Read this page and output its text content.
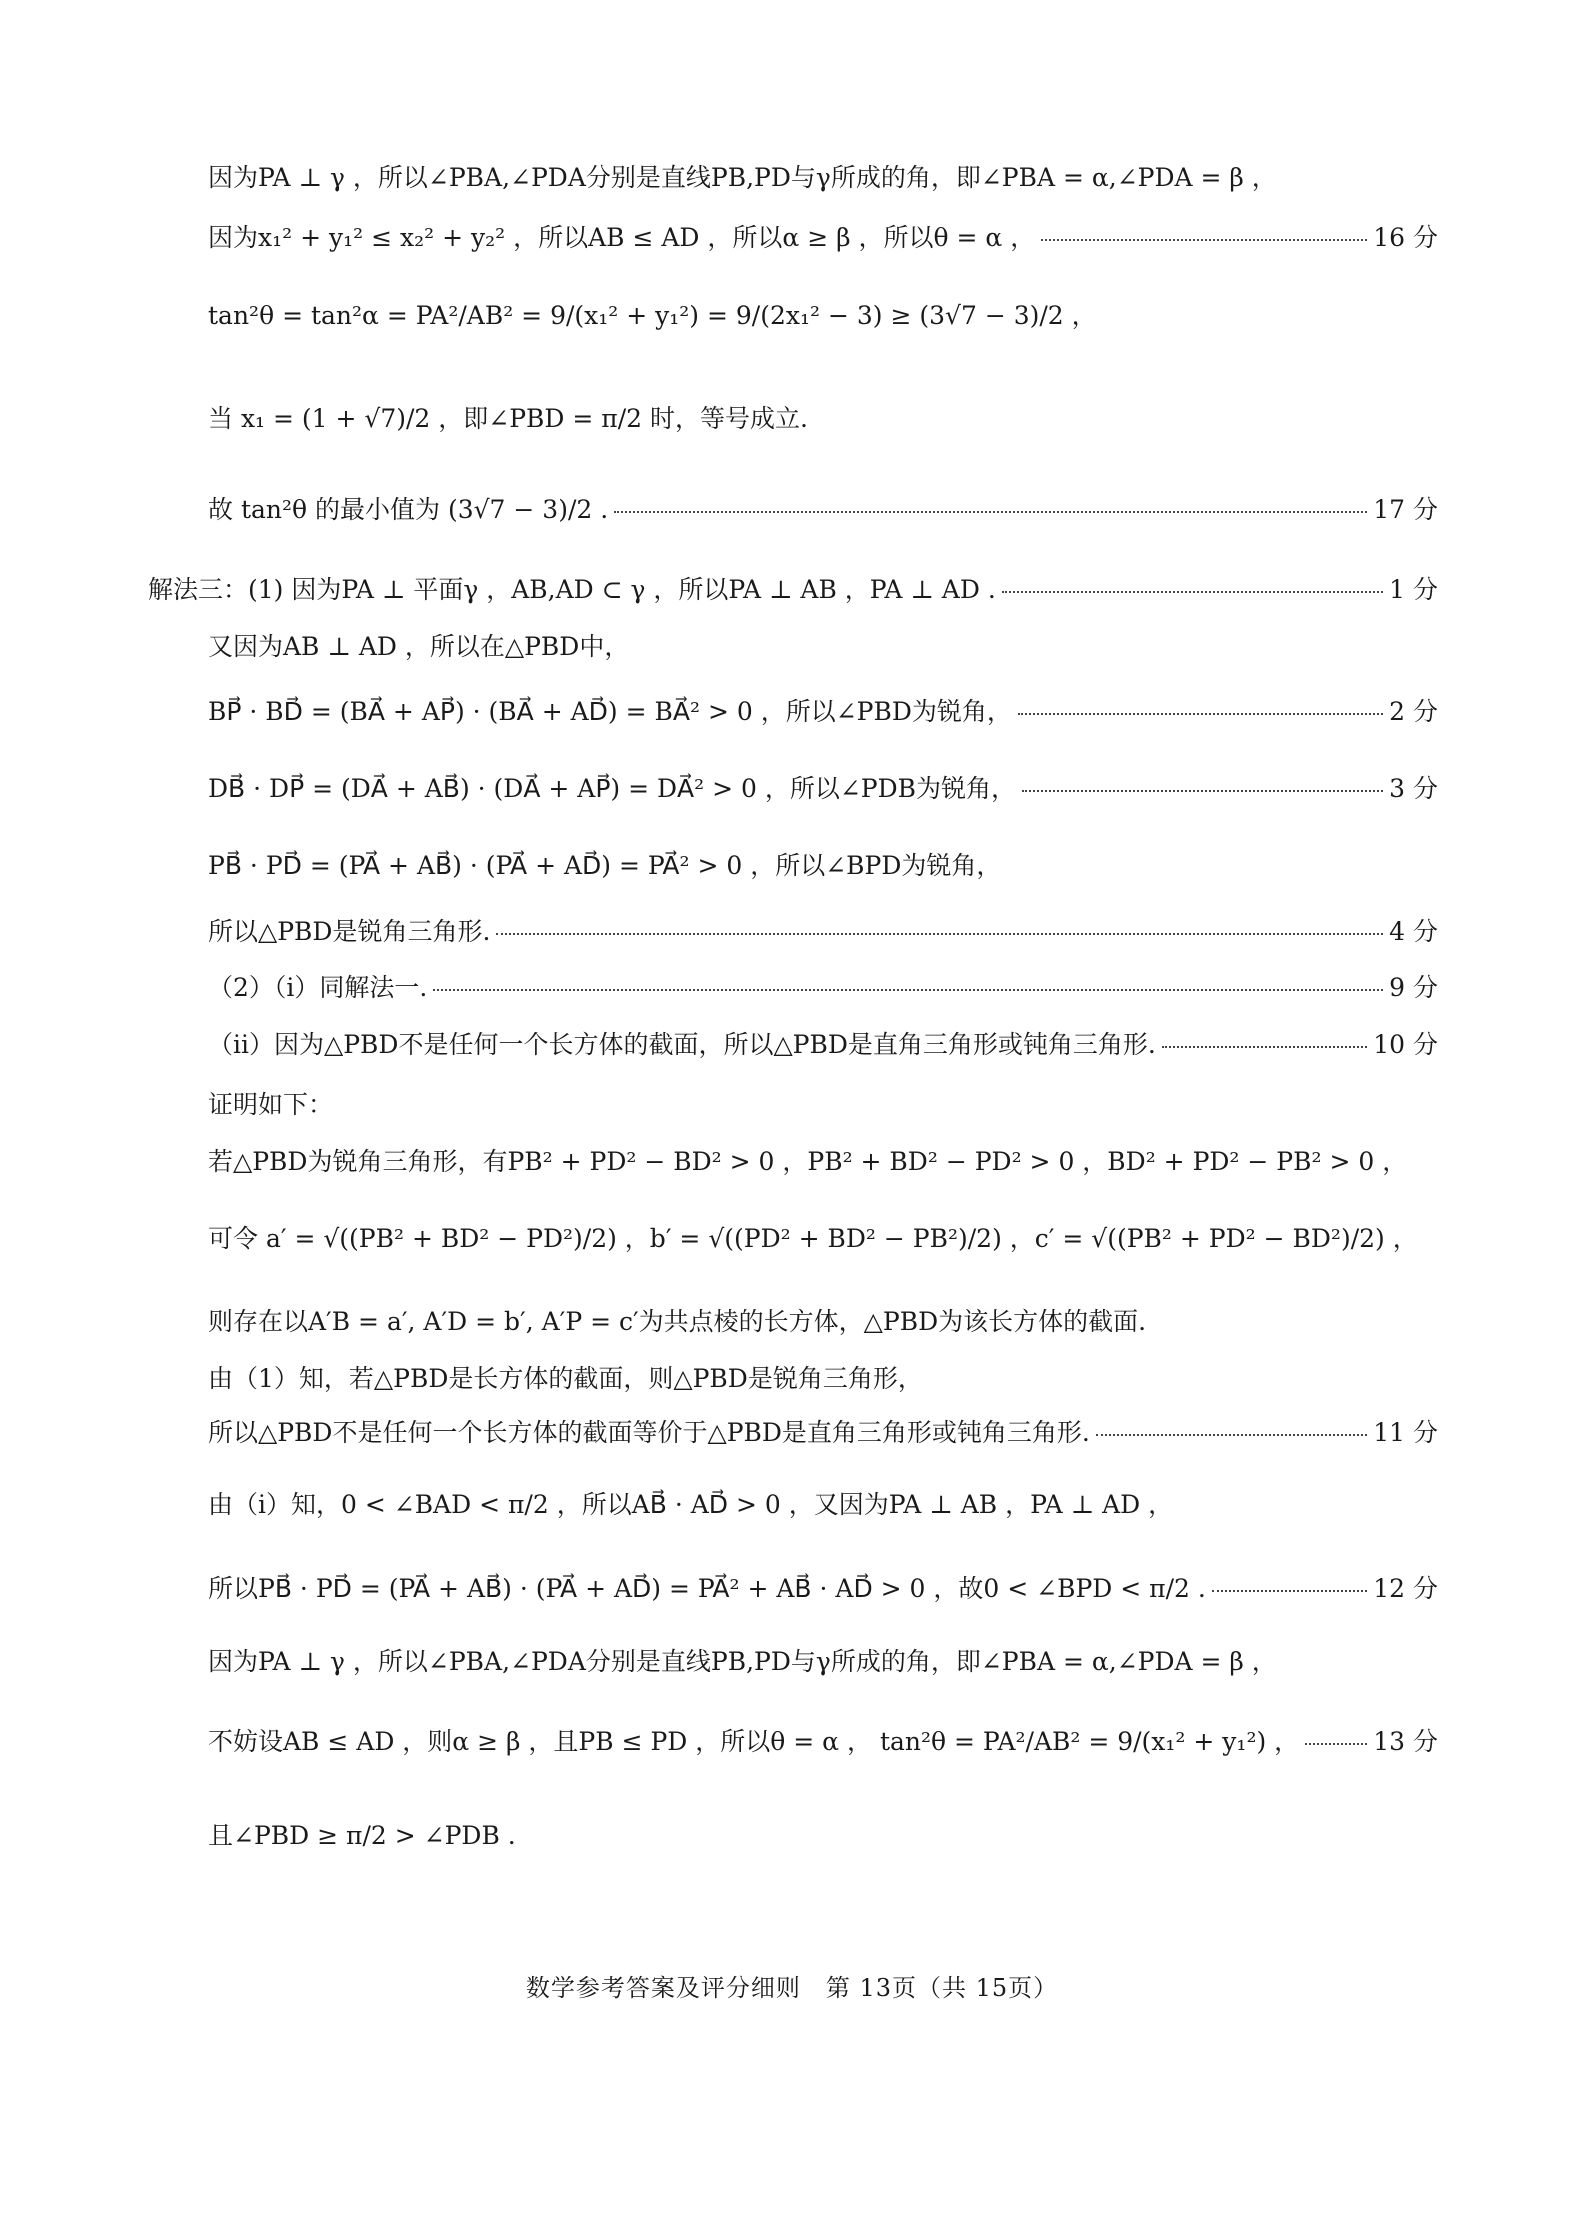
因为PA ⊥ γ ，所以∠PBA,∠PDA分别是直线PB,PD与γ所成的角，即∠PBA = α,∠PDA = β ，
因为x₁² + y₁² ≤ x₂² + y₂² ，所以AB ≤ AD ，所以α ≥ β ，所以θ = α ，	16 分
tan²θ = tan²α = PA²/AB² = 9/(x₁² + y₁²) = 9/(2x₁² − 3) ≥ (3√7 − 3)/2 ，
当 x₁ = (1 + √7)/2 ，即∠PBD = π/2 时，等号成立.
故 tan²θ 的最小值为 (3√7 − 3)/2 .	17 分
解法三：(1) 因为PA ⊥ 平面γ ，AB,AD ⊂ γ ，所以PA ⊥ AB ，PA ⊥ AD .	1 分
又因为AB ⊥ AD ，所以在△PBD中，
BP⃗ · BD⃗ = (BA⃗ + AP⃗) · (BA⃗ + AD⃗) = BA⃗² > 0 ，所以∠PBD为锐角，	2 分
DB⃗ · DP⃗ = (DA⃗ + AB⃗) · (DA⃗ + AP⃗) = DA⃗² > 0 ，所以∠PDB为锐角，	3 分
PB⃗ · PD⃗ = (PA⃗ + AB⃗) · (PA⃗ + AD⃗) = PA⃗² > 0 ，所以∠BPD为锐角，
所以△PBD是锐角三角形.	4 分
（2）（i）同解法一.	9 分
（ii）因为△PBD不是任何一个长方体的截面，所以△PBD是直角三角形或钝角三角形.	10 分
证明如下：
若△PBD为锐角三角形，有PB² + PD² − BD² > 0 ，PB² + BD² − PD² > 0 ，BD² + PD² − PB² > 0 ，
可令 a′ = √((PB² + BD² − PD²)/2) ，b′ = √((PD² + BD² − PB²)/2) ，c′ = √((PB² + PD² − BD²)/2) ，
则存在以A′B = a′, A′D = b′, A′P = c′为共点棱的长方体，△PBD为该长方体的截面.
由（1）知，若△PBD是长方体的截面，则△PBD是锐角三角形，
所以△PBD不是任何一个长方体的截面等价于△PBD是直角三角形或钝角三角形.	11 分
由（i）知，0 < ∠BAD < π/2 ，所以AB⃗ · AD⃗ > 0 ，又因为PA ⊥ AB ，PA ⊥ AD ，
所以PB⃗ · PD⃗ = (PA⃗ + AB⃗) · (PA⃗ + AD⃗) = PA⃗² + AB⃗ · AD⃗ > 0 ，故0 < ∠BPD < π/2 .	12 分
因为PA ⊥ γ ，所以∠PBA,∠PDA分别是直线PB,PD与γ所成的角，即∠PBA = α,∠PDA = β ，
不妨设AB ≤ AD ，则α ≥ β ，且PB ≤ PD ，所以θ = α ， tan²θ = PA²/AB² = 9/(x₁² + y₁²) ，	13 分
且∠PBD ≥ π/2 > ∠PDB .
数学参考答案及评分细则　第 13页（共 15页）
